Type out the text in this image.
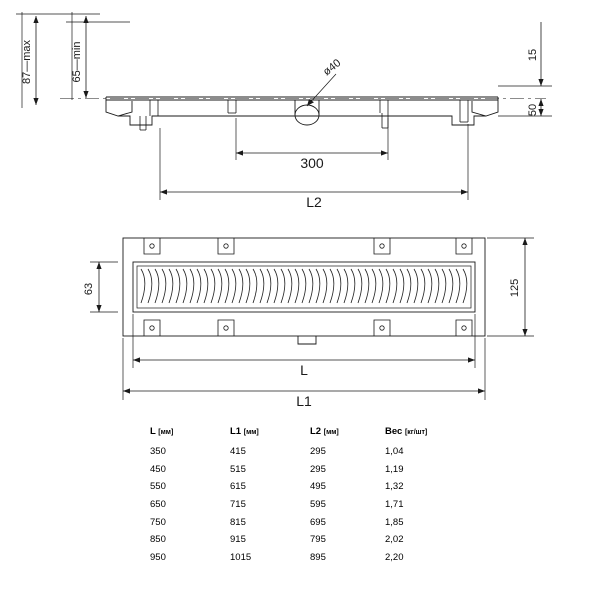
87—max	65—min	15
50
ø40
300
L2
63	125
L
L1
L [мм]	L1 [мм]	L2 [мм]	Вес [кг/шт]
350	415	295	1,04
450	515	295	1,19
550	615	495	1,32
650	715	595	1,71
750	815	695	1,85
850	915	795	2,02
950	1015	895	2,20
